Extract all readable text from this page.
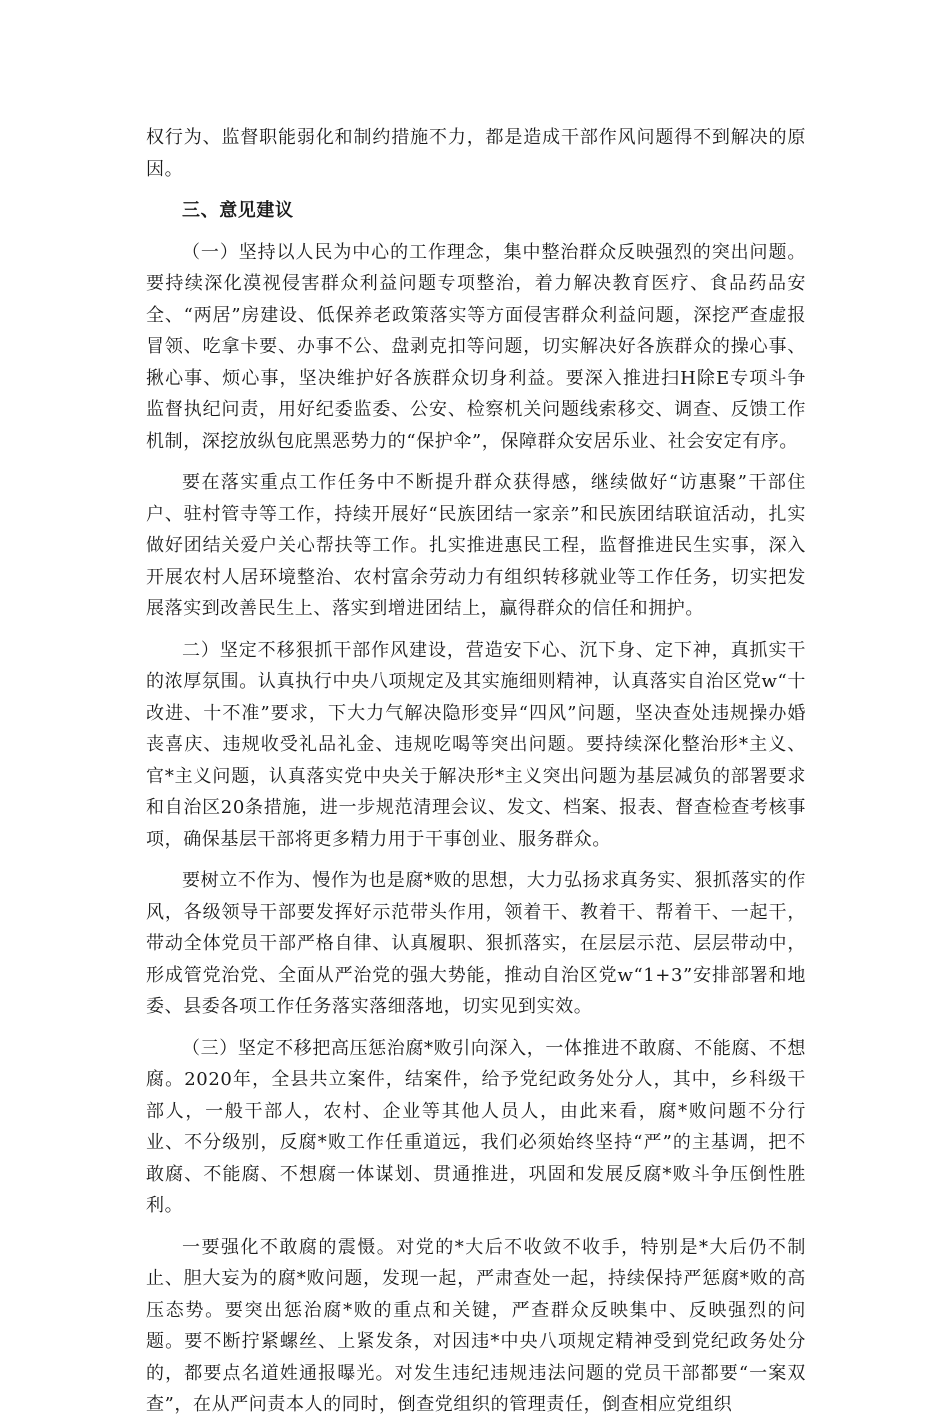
权行为、监督职能弱化和制约措施不力，都是造成干部作风问题得不到解决的原因。

三、意见建议

（一）坚持以人民为中心的工作理念，集中整治群众反映强烈的突出问题。要持续深化漠视侵害群众利益问题专项整治，着力解决教育医疗、食品药品安全、“两居”房建设、低保养老政策落实等方面侵害群众利益问题，深挖严查虚报冒领、吃拿卡要、办事不公、盘剥克扣等问题，切实解决好各族群众的操心事、揪心事、烦心事，坚决维护好各族群众切身利益。要深入推进扫H除E专项斗争监督执纪问责，用好纪委监委、公安、检察机关问题线索移交、调查、反馈工作机制，深挖放纵包庇黑恶势力的“保护伞”，保障群众安居乐业、社会安定有序。

要在落实重点工作任务中不断提升群众获得感，继续做好“访惠聚”干部住户、驻村管寺等工作，持续开展好“民族团结一家亲”和民族团结联谊活动，扎实做好团结关爱户关心帮扶等工作。扎实推进惠民工程，监督推进民生实事，深入开展农村人居环境整治、农村富余劳动力有组织转移就业等工作任务，切实把发展落实到改善民生上、落实到增进团结上，赢得群众的信任和拥护。

二）坚定不移狠抓干部作风建设，营造安下心、沉下身、定下神，真抓实干的浓厚氛围。认真执行中央八项规定及其实施细则精神，认真落实自治区党w“十改进、十不准”要求，下大力气解决隐形变异“四风”问题，坚决查处违规操办婚丧喜庆、违规收受礼品礼金、违规吃喝等突出问题。要持续深化整治形*主义、官*主义问题，认真落实党中央关于解决形*主义突出问题为基层减负的部署要求和自治区20条措施，进一步规范清理会议、发文、档案、报表、督查检查考核事项，确保基层干部将更多精力用于干事创业、服务群众。

要树立不作为、慢作为也是腐*败的思想，大力弘扬求真务实、狠抓落实的作风，各级领导干部要发挥好示范带头作用，领着干、教着干、帮着干、一起干，带动全体党员干部严格自律、认真履职、狠抓落实，在层层示范、层层带动中，形成管党治党、全面从严治党的强大势能，推动自治区党w“1+3”安排部署和地委、县委各项工作任务落实落细落地，切实见到实效。

（三）坚定不移把高压惩治腐*败引向深入，一体推进不敢腐、不能腐、不想腐。2020年，全县共立案件，结案件，给予党纪政务处分人，其中，乡科级干部人，一般干部人，农村、企业等其他人员人，由此来看，腐*败问题不分行业、不分级别，反腐*败工作任重道远，我们必须始终坚持“严”的主基调，把不敢腐、不能腐、不想腐一体谋划、贯通推进，巩固和发展反腐*败斗争压倒性胜利。

一要强化不敢腐的震慑。对党的*大后不收敛不收手，特别是*大后仍不制止、胆大妄为的腐*败问题，发现一起，严肃查处一起，持续保持严惩腐*败的高压态势。要突出惩治腐*败的重点和关键，严查群众反映集中、反映强烈的问题。要不断拧紧螺丝、上紧发条，对因违*中央八项规定精神受到党纪政务处分的，都要点名道姓通报曝光。对发生违纪违规违法问题的党员干部都要“一案双查”，在从严问责本人的同时，倒查党组织的管理责任，倒查相应党组织
